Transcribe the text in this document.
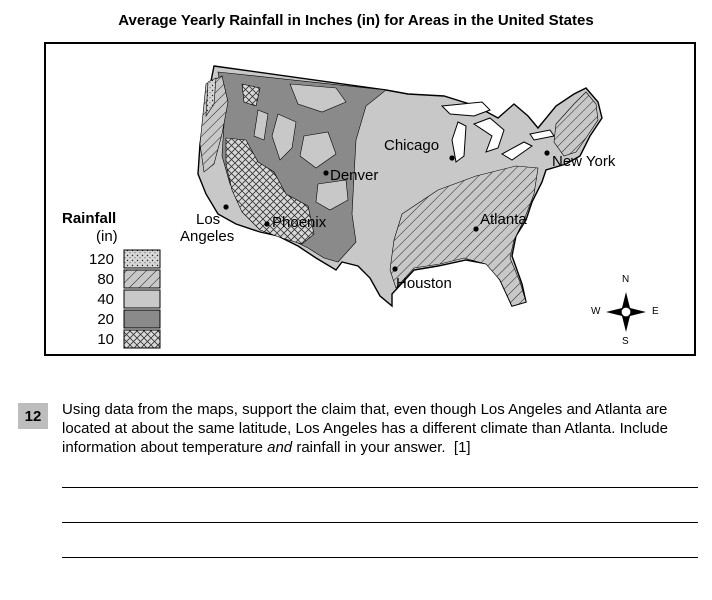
Average Yearly Rainfall in Inches (in) for Areas in the United States
Rainfall
(in)
120
80
40
20
10
Los
Angeles
Phoenix
Denver
Chicago
New York
Atlanta
Houston	N
S
E
W
12	Using data from the maps, support the claim that, even though Los Angeles and Atlanta are located at about the same latitude, Los Angeles has a different climate than Atlanta. Include information about temperature and rainfall in your answer. [1]
